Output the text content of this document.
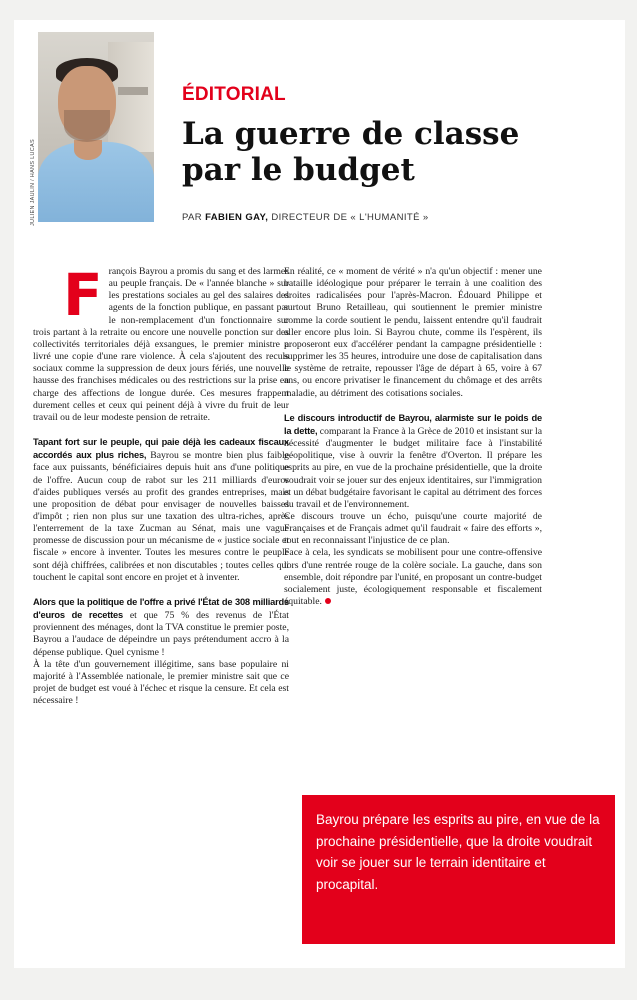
JULIEN JAULIN / HANS LUCAS
ÉDITORIAL
La guerre de classe
par le budget
PAR FABIEN GAY, DIRECTEUR DE « L'HUMANITÉ »

François Bayrou a promis du sang et des larmes au peuple français. De « l'année blanche » sur les prestations sociales au gel des salaires des agents de la fonction publique, en passant par le non-remplacement d'un fonctionnaire sur trois partant à la retraite ou encore une nouvelle ponction sur des collectivités territoriales déjà exsangues, le premier ministre a livré une copie d'une rare violence. À cela s'ajoutent des reculs sociaux comme la suppression de deux jours fériés, une nouvelle hausse des franchises médicales ou des restrictions sur la prise en charge des affections de longue durée. Ces mesures frappent durement celles et ceux qui peinent déjà à vivre du fruit de leur travail ou de leur modeste pension de retraite.

Tapant fort sur le peuple, qui paie déjà les cadeaux fiscaux accordés aux plus riches, Bayrou se montre bien plus faible face aux puissants, bénéficiaires depuis huit ans d'une politique de l'offre. Aucun coup de rabot sur les 211 milliards d'euros d'aides publiques versés au profit des grandes entreprises, mais une proposition de débat pour envisager de nouvelles baisses d'impôt ; rien non plus sur une taxation des ultra-riches, après l'enterrement de la taxe Zucman au Sénat, mais une vague promesse de discussion pour un mécanisme de « justice sociale et fiscale » encore à inventer. Toutes les mesures contre le peuple sont déjà chiffrées, calibrées et non discutables ; toutes celles qui touchent le capital sont encore en projet et à inventer.

Alors que la politique de l'offre a privé l'État de 308 milliards d'euros de recettes et que 75 % des revenus de l'État proviennent des ménages, dont la TVA constitue le premier poste, Bayrou a l'audace de dépeindre un pays prétendument accro à la dépense publique. Quel cynisme !

À la tête d'un gouvernement illégitime, sans base populaire ni majorité à l'Assemblée nationale, le premier ministre sait que ce projet de budget est voué à l'échec et risque la censure. Et cela est nécessaire !

En réalité, ce « moment de vérité » n'a qu'un objectif : mener une bataille idéologique pour préparer le terrain à une coalition des droites radicalisées pour l'après-Macron. Édouard Philippe et surtout Bruno Retailleau, qui soutiennent le premier ministre comme la corde soutient le pendu, laissent entendre qu'il faudrait aller encore plus loin. Si Bayrou chute, comme ils l'espèrent, ils proposeront eux d'accélérer pendant la campagne présidentielle : supprimer les 35 heures, introduire une dose de capitalisation dans le système de retraite, repousser l'âge de départ à 65, voire à 67 ans, ou encore privatiser le financement du chômage et des arrêts maladie, au détriment des cotisations sociales.

Le discours introductif de Bayrou, alarmiste sur le poids de la dette, comparant la France à la Grèce de 2010 et insistant sur la nécessité d'augmenter le budget militaire face à l'instabilité géopolitique, vise à ouvrir la fenêtre d'Overton. Il prépare les esprits au pire, en vue de la prochaine présidentielle, que la droite voudrait voir se jouer sur des enjeux identitaires, sur l'immigration et un débat budgétaire favorisant le capital au détriment des forces du travail et de l'environnement.

Ce discours trouve un écho, puisqu'une courte majorité de Françaises et de Français admet qu'il faudrait « faire des efforts », tout en reconnaissant l'injustice de ce plan.

Face à cela, les syndicats se mobilisent pour une contre-offensive lors d'une rentrée rouge de la colère sociale. La gauche, dans son ensemble, doit répondre par l'unité, en proposant un contre-budget socialement juste, écologiquement responsable et fiscalement équitable.

Bayrou prépare les esprits au pire, en vue de la prochaine présidentielle, que la droite voudrait voir se jouer sur le terrain identitaire et procapital.
